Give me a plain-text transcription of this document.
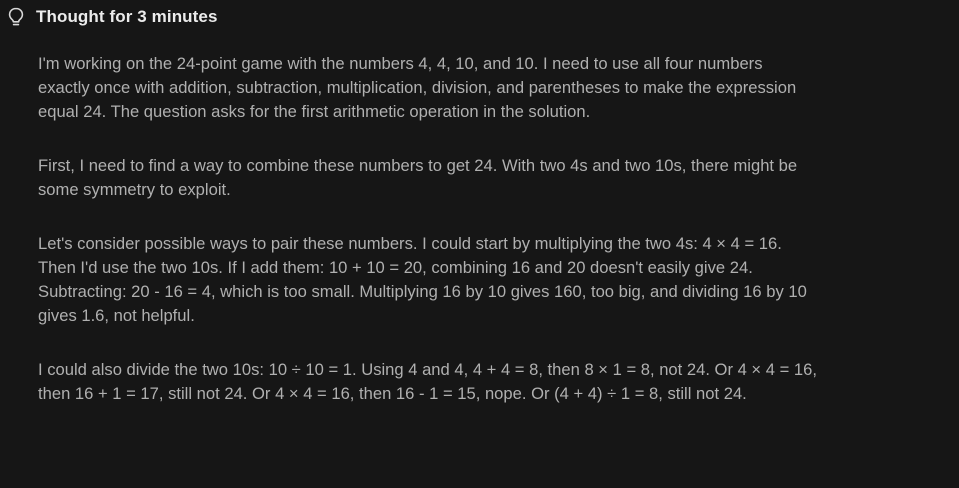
Thought for 3 minutes

I'm working on the 24-point game with the numbers 4, 4, 10, and 10. I need to use all four numbers
exactly once with addition, subtraction, multiplication, division, and parentheses to make the expression
equal 24. The question asks for the first arithmetic operation in the solution.

First, I need to find a way to combine these numbers to get 24. With two 4s and two 10s, there might be
some symmetry to exploit.

Let's consider possible ways to pair these numbers. I could start by multiplying the two 4s: 4 × 4 = 16.
Then I'd use the two 10s. If I add them: 10 + 10 = 20, combining 16 and 20 doesn't easily give 24.
Subtracting: 20 - 16 = 4, which is too small. Multiplying 16 by 10 gives 160, too big, and dividing 16 by 10
gives 1.6, not helpful.

I could also divide the two 10s: 10 ÷ 10 = 1. Using 4 and 4, 4 + 4 = 8, then 8 × 1 = 8, not 24. Or 4 × 4 = 16,
then 16 + 1 = 17, still not 24. Or 4 × 4 = 16, then 16 - 1 = 15, nope. Or (4 + 4) ÷ 1 = 8, still not 24.
